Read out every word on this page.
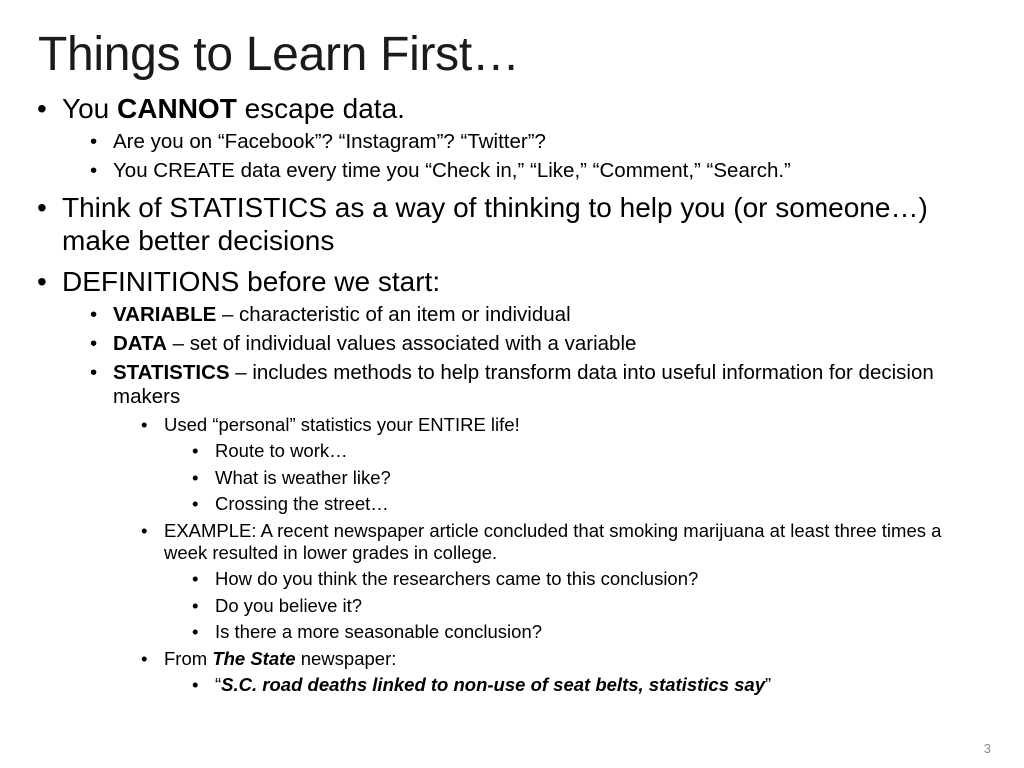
Things to Learn First…
• You CANNOT escape data.
• Are you on “Facebook”? “Instagram”? “Twitter”?
• You CREATE data every time you “Check in,” “Like,” “Comment,” “Search.”
• Think of STATISTICS as a way of thinking to help you (or someone…) make better decisions
• DEFINITIONS before we start:
• VARIABLE – characteristic of an item or individual
• DATA – set of individual values associated with a variable
• STATISTICS – includes methods to help transform data into useful information for decision makers
• Used “personal” statistics your ENTIRE life!
• Route to work…
• What is weather like?
• Crossing the street…
• EXAMPLE: A recent newspaper article concluded that smoking marijuana at least three times a week resulted in lower grades in college.
• How do you think the researchers came to this conclusion?
• Do you believe it?
• Is there a more seasonable conclusion?
• From The State newspaper:
• “S.C. road deaths linked to non-use of seat belts, statistics say”
3
